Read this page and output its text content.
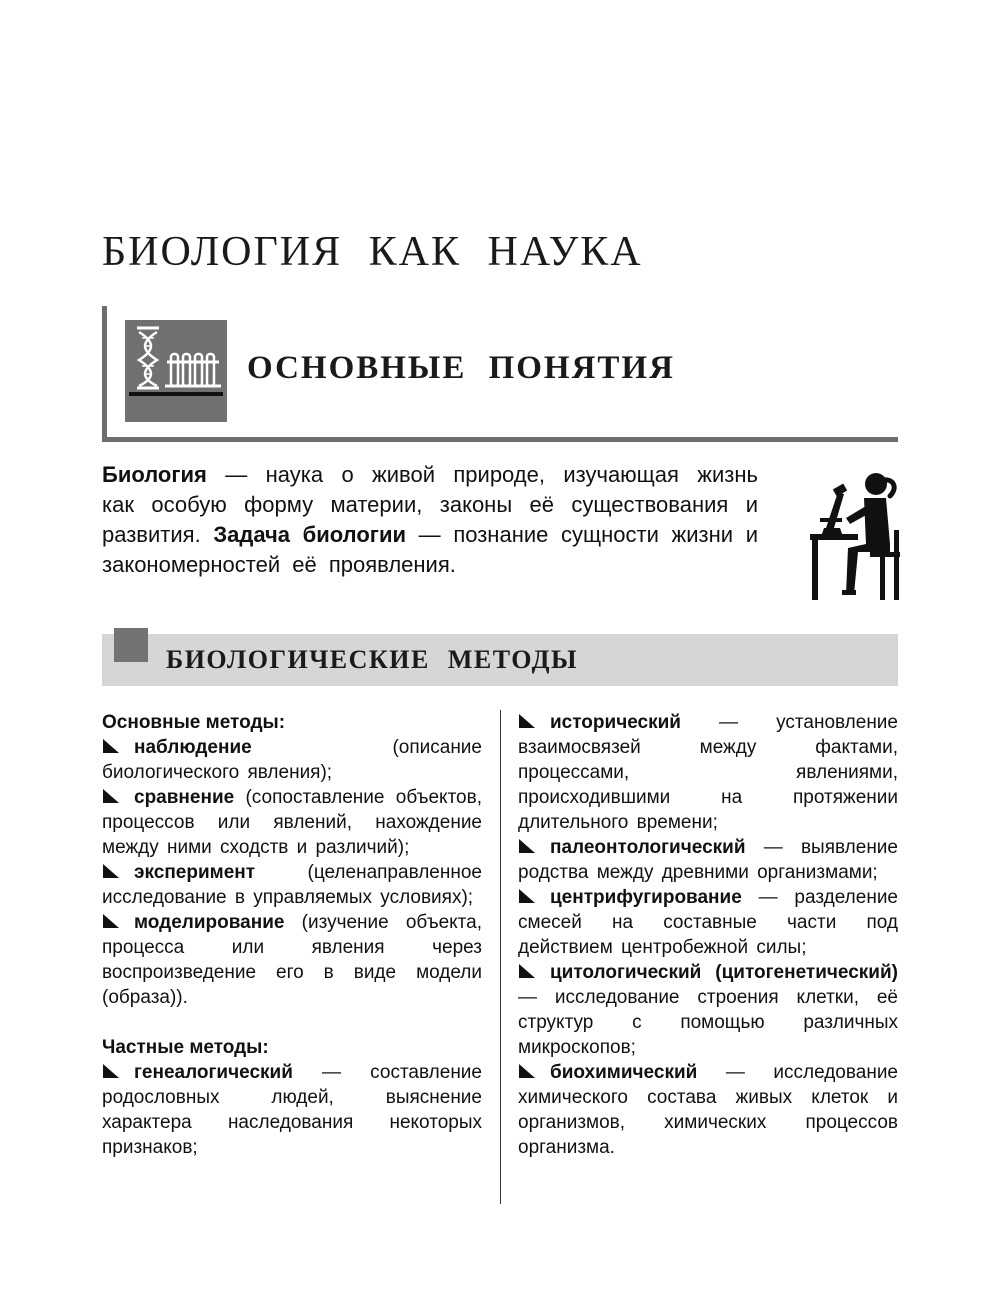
БИОЛОГИЯ КАК НАУКА
ОСНОВНЫЕ ПОНЯТИЯ

Биология — наука о живой природе, изучающая жизнь как особую форму материи, законы её существования и развития. Задача биологии — познание сущности жизни и закономерностей её проявления.

БИОЛОГИЧЕСКИЕ МЕТОДЫ

Основные методы:

наблюдение (описание биологического явления);

сравнение (сопоставление объектов, процессов или явлений, нахождение между ними сходств и различий);

эксперимент (целенаправленное исследование в управляемых условиях);

моделирование (изучение объекта, процесса или явления через воспроизведение его в виде модели (образа)).

Частные методы:

генеалогический — составление родословных людей, выяснение характера наследования некоторых признаков;

исторический — установление взаимосвязей между фактами, процессами, явлениями, происходившими на протяжении длительного времени;

палеонтологический — выявление родства между древними организмами;

центрифугирование — разделение смесей на составные части под действием центробежной силы;

цитологический (цитогенетический) — исследование строения клетки, её структур с помощью различных микроскопов;

биохимический — исследование химического состава живых клеток и организмов, химических процессов организма.
